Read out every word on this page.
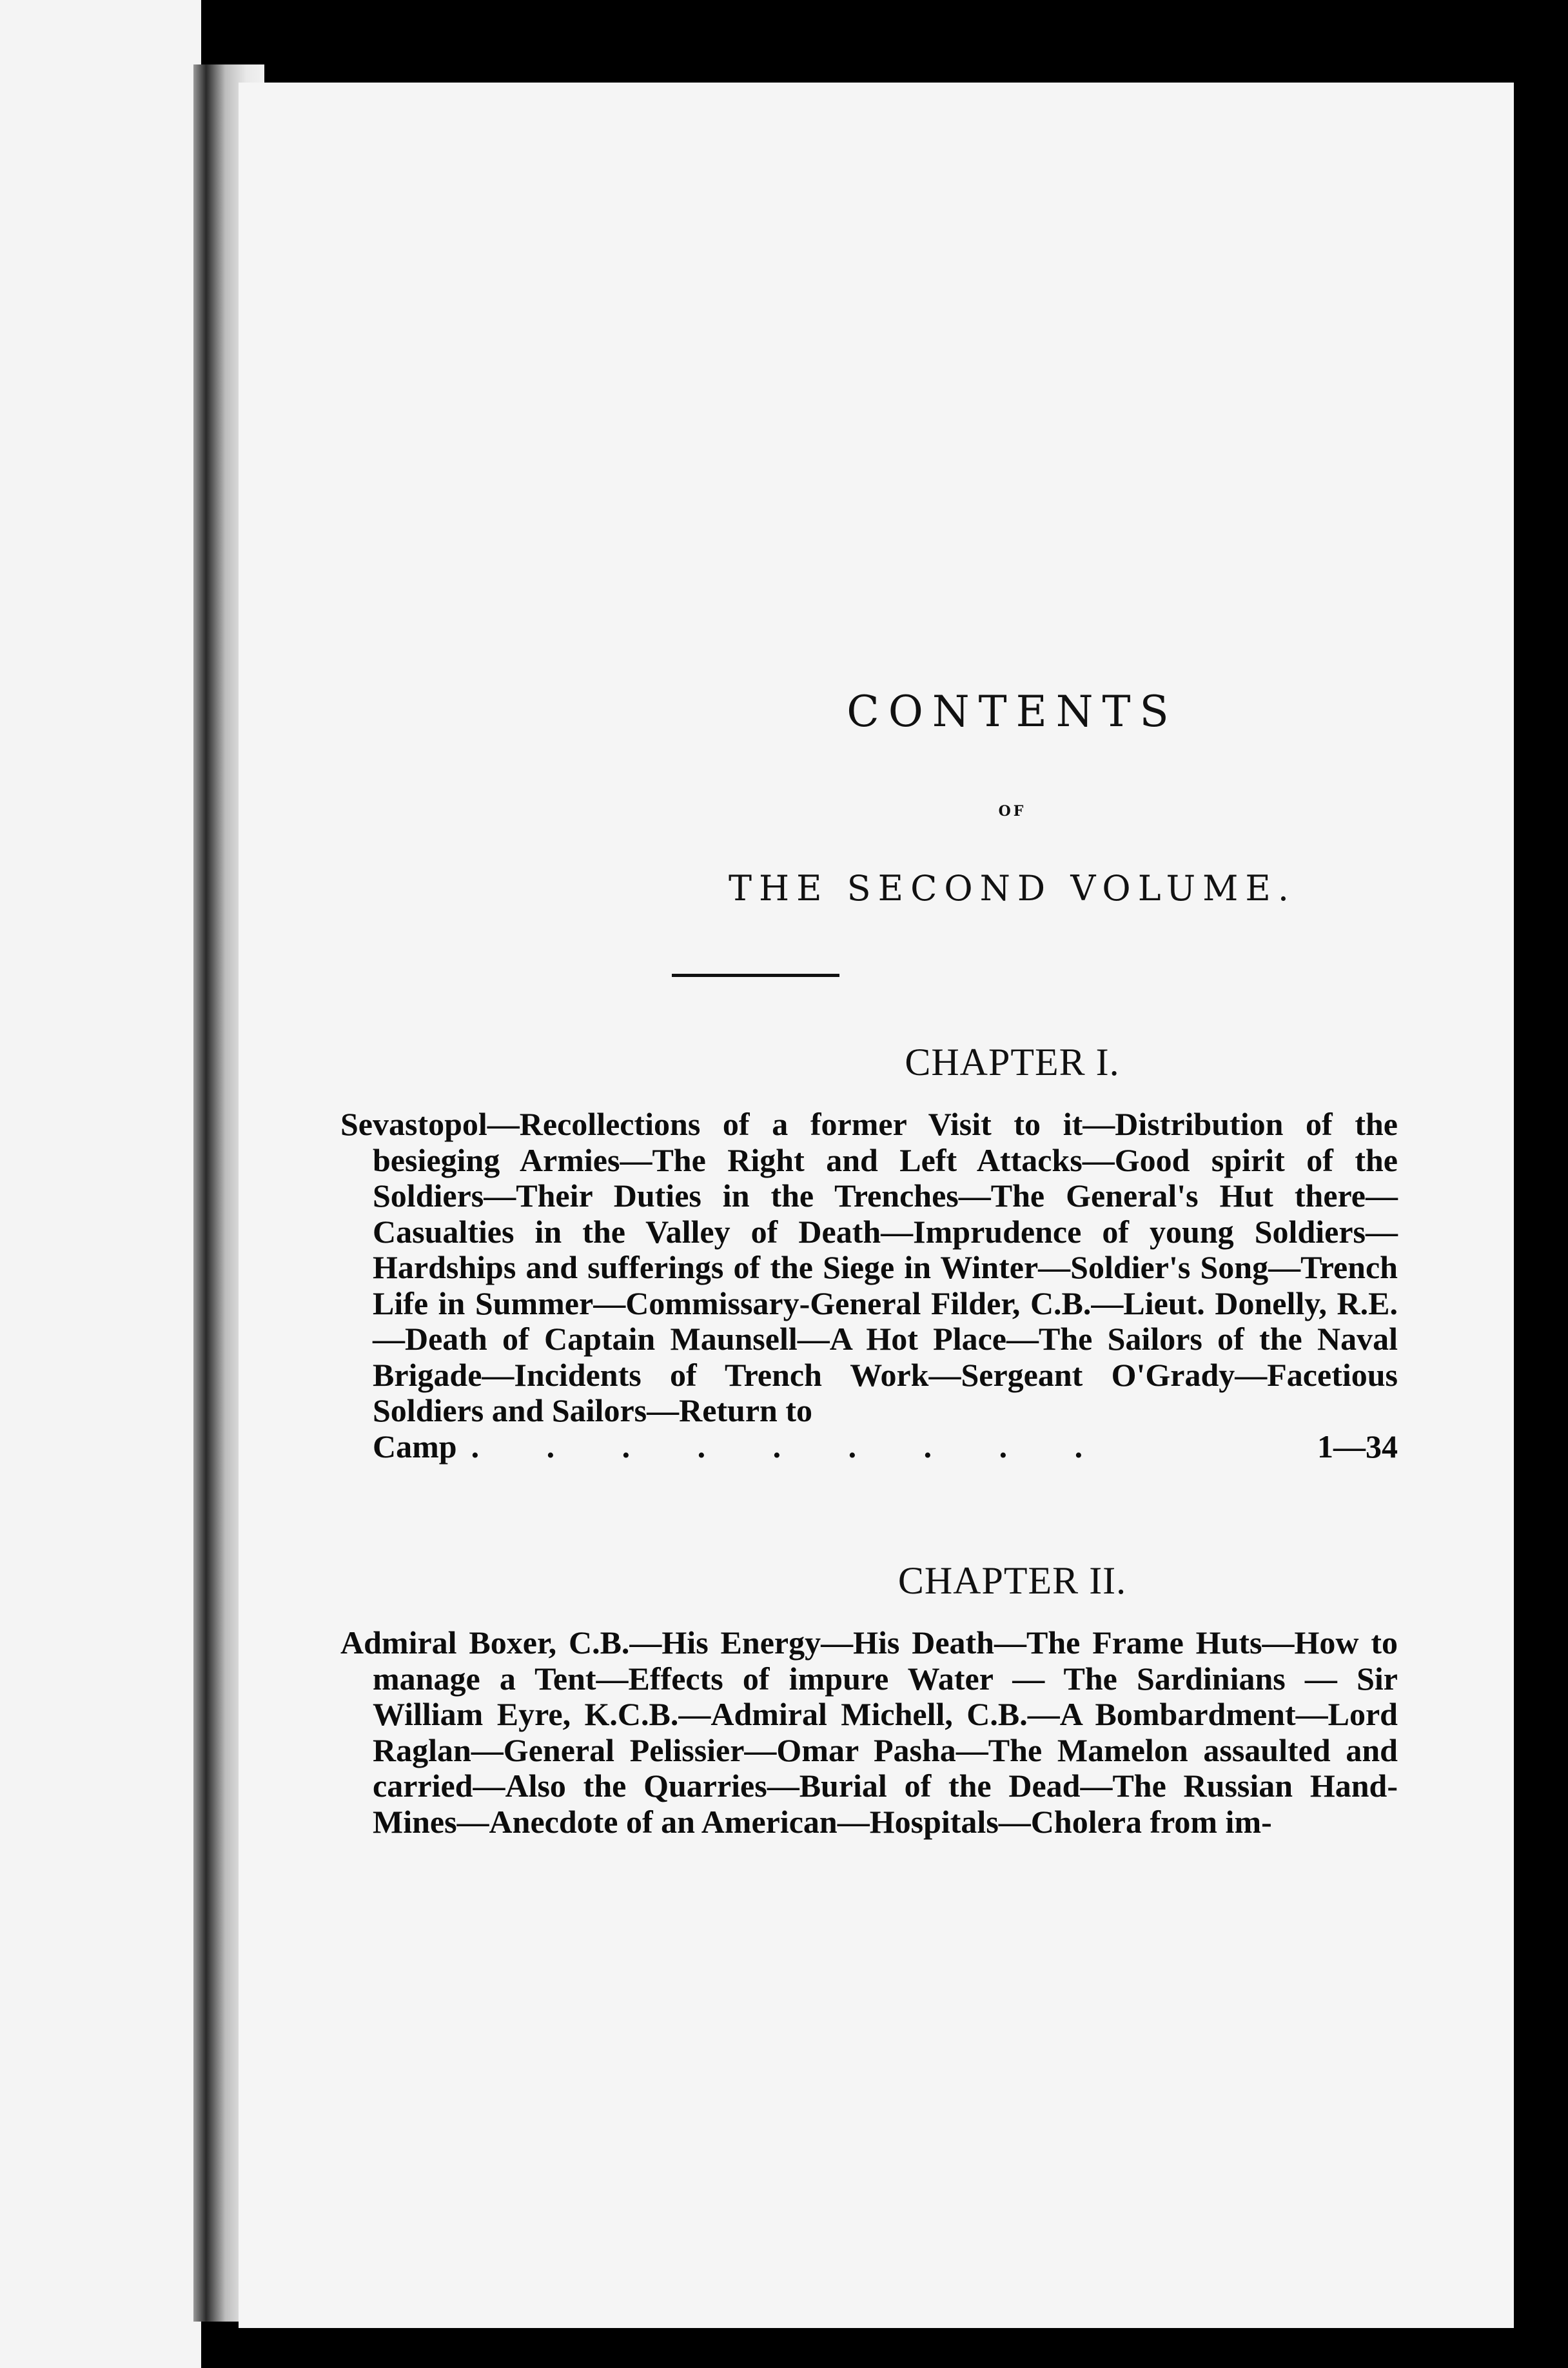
CONTENTS
OF
THE SECOND VOLUME.
CHAPTER I.
Sevastopol—Recollections of a former Visit to it—Distribution of the besieging Armies—The Right and Left Attacks—Good spirit of the Soldiers—Their Duties in the Trenches—The General's Hut there—Casualties in the Valley of Death—Imprudence of young Soldiers—Hardships and sufferings of the Siege in Winter—Soldier's Song—Trench Life in Summer—Commissary-General Filder, C.B.—Lieut. Donelly, R.E.—Death of Captain Maunsell—A Hot Place—The Sailors of the Naval Brigade—Incidents of Trench Work—Sergeant O'Grady—Facetious Soldiers and Sailors—Return to
Camp . . . . . . . . .	1—34
CHAPTER II.
Admiral Boxer, C.B.—His Energy—His Death—The Frame Huts—How to manage a Tent—Effects of impure Water — The Sardinians — Sir William Eyre, K.C.B.—Admiral Michell, C.B.—A Bombardment—Lord Raglan—General Pelissier—Omar Pasha—The Mamelon assaulted and carried—Also the Quarries—Burial of the Dead—The Russian Hand-Mines—Anecdote of an American—Hospitals—Cholera from im-
